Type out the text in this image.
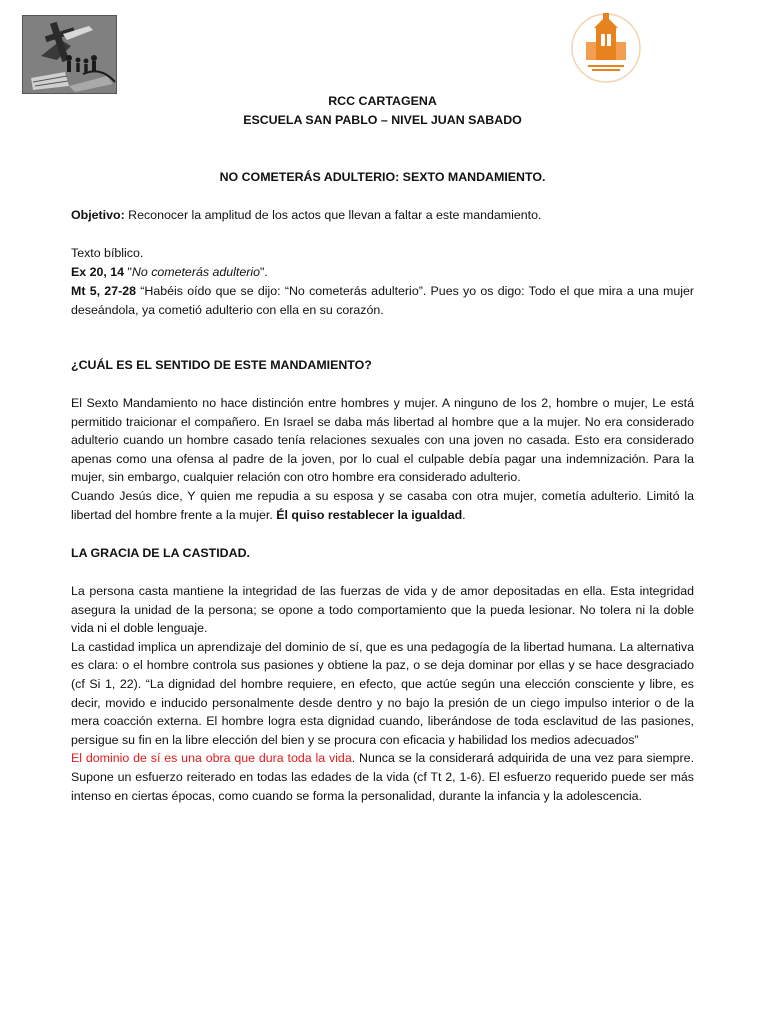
RCC CARTAGENA
ESCUELA SAN PABLO – NIVEL JUAN SABADO
NO COMETERÁS ADULTERIO: SEXTO MANDAMIENTO.
Objetivo: Reconocer la amplitud de los actos que llevan a faltar a este mandamiento.
Texto bíblico.
Ex 20, 14 "No cometerás adulterio".
Mt 5, 27-28 “Habéis oído que se dijo: “No cometerás adulterio”. Pues yo os digo: Todo el que mira a una mujer deseándola, ya cometió adulterio con ella en su corazón.
¿CUÁL ES EL SENTIDO DE ESTE MANDAMIENTO?

El Sexto Mandamiento no hace distinción entre hombres y mujer. A ninguno de los 2, hombre o mujer, Le está permitido traicionar el compañero. En Israel se daba más libertad al hombre que a la mujer. No era considerado adulterio cuando un hombre casado tenía relaciones sexuales con una joven no casada. Esto era considerado apenas como una ofensa al padre de la joven, por lo cual el culpable debía pagar una indemnización. Para la mujer, sin embargo, cualquier relación con otro hombre era considerado adulterio.

Cuando Jesús dice, Y quien me repudia a su esposa y se casaba con otra mujer, cometía adulterio. Limitó la libertad del hombre frente a la mujer. Él quiso restablecer la igualdad.

LA GRACIA DE LA CASTIDAD.

La persona casta mantiene la integridad de las fuerzas de vida y de amor depositadas en ella. Esta integridad asegura la unidad de la persona; se opone a todo comportamiento que la pueda lesionar. No tolera ni la doble vida ni el doble lenguaje.

La castidad implica un aprendizaje del dominio de sí, que es una pedagogía de la libertad humana. La alternativa es clara: o el hombre controla sus pasiones y obtiene la paz, o se deja dominar por ellas y se hace desgraciado (cf Si 1, 22). “La dignidad del hombre requiere, en efecto, que actúe según una elección consciente y libre, es decir, movido e inducido personalmente desde dentro y no bajo la presión de un ciego impulso interior o de la mera coacción externa. El hombre logra esta dignidad cuando, liberándose de toda esclavitud de las pasiones, persigue su fin en la libre elección del bien y se procura con eficacia y habilidad los medios adecuados”

El dominio de sí es una obra que dura toda la vida. Nunca se la considerará adquirida de una vez para siempre. Supone un esfuerzo reiterado en todas las edades de la vida (cf Tt 2, 1-6). El esfuerzo requerido puede ser más intenso en ciertas épocas, como cuando se forma la personalidad, durante la infancia y la adolescencia.
